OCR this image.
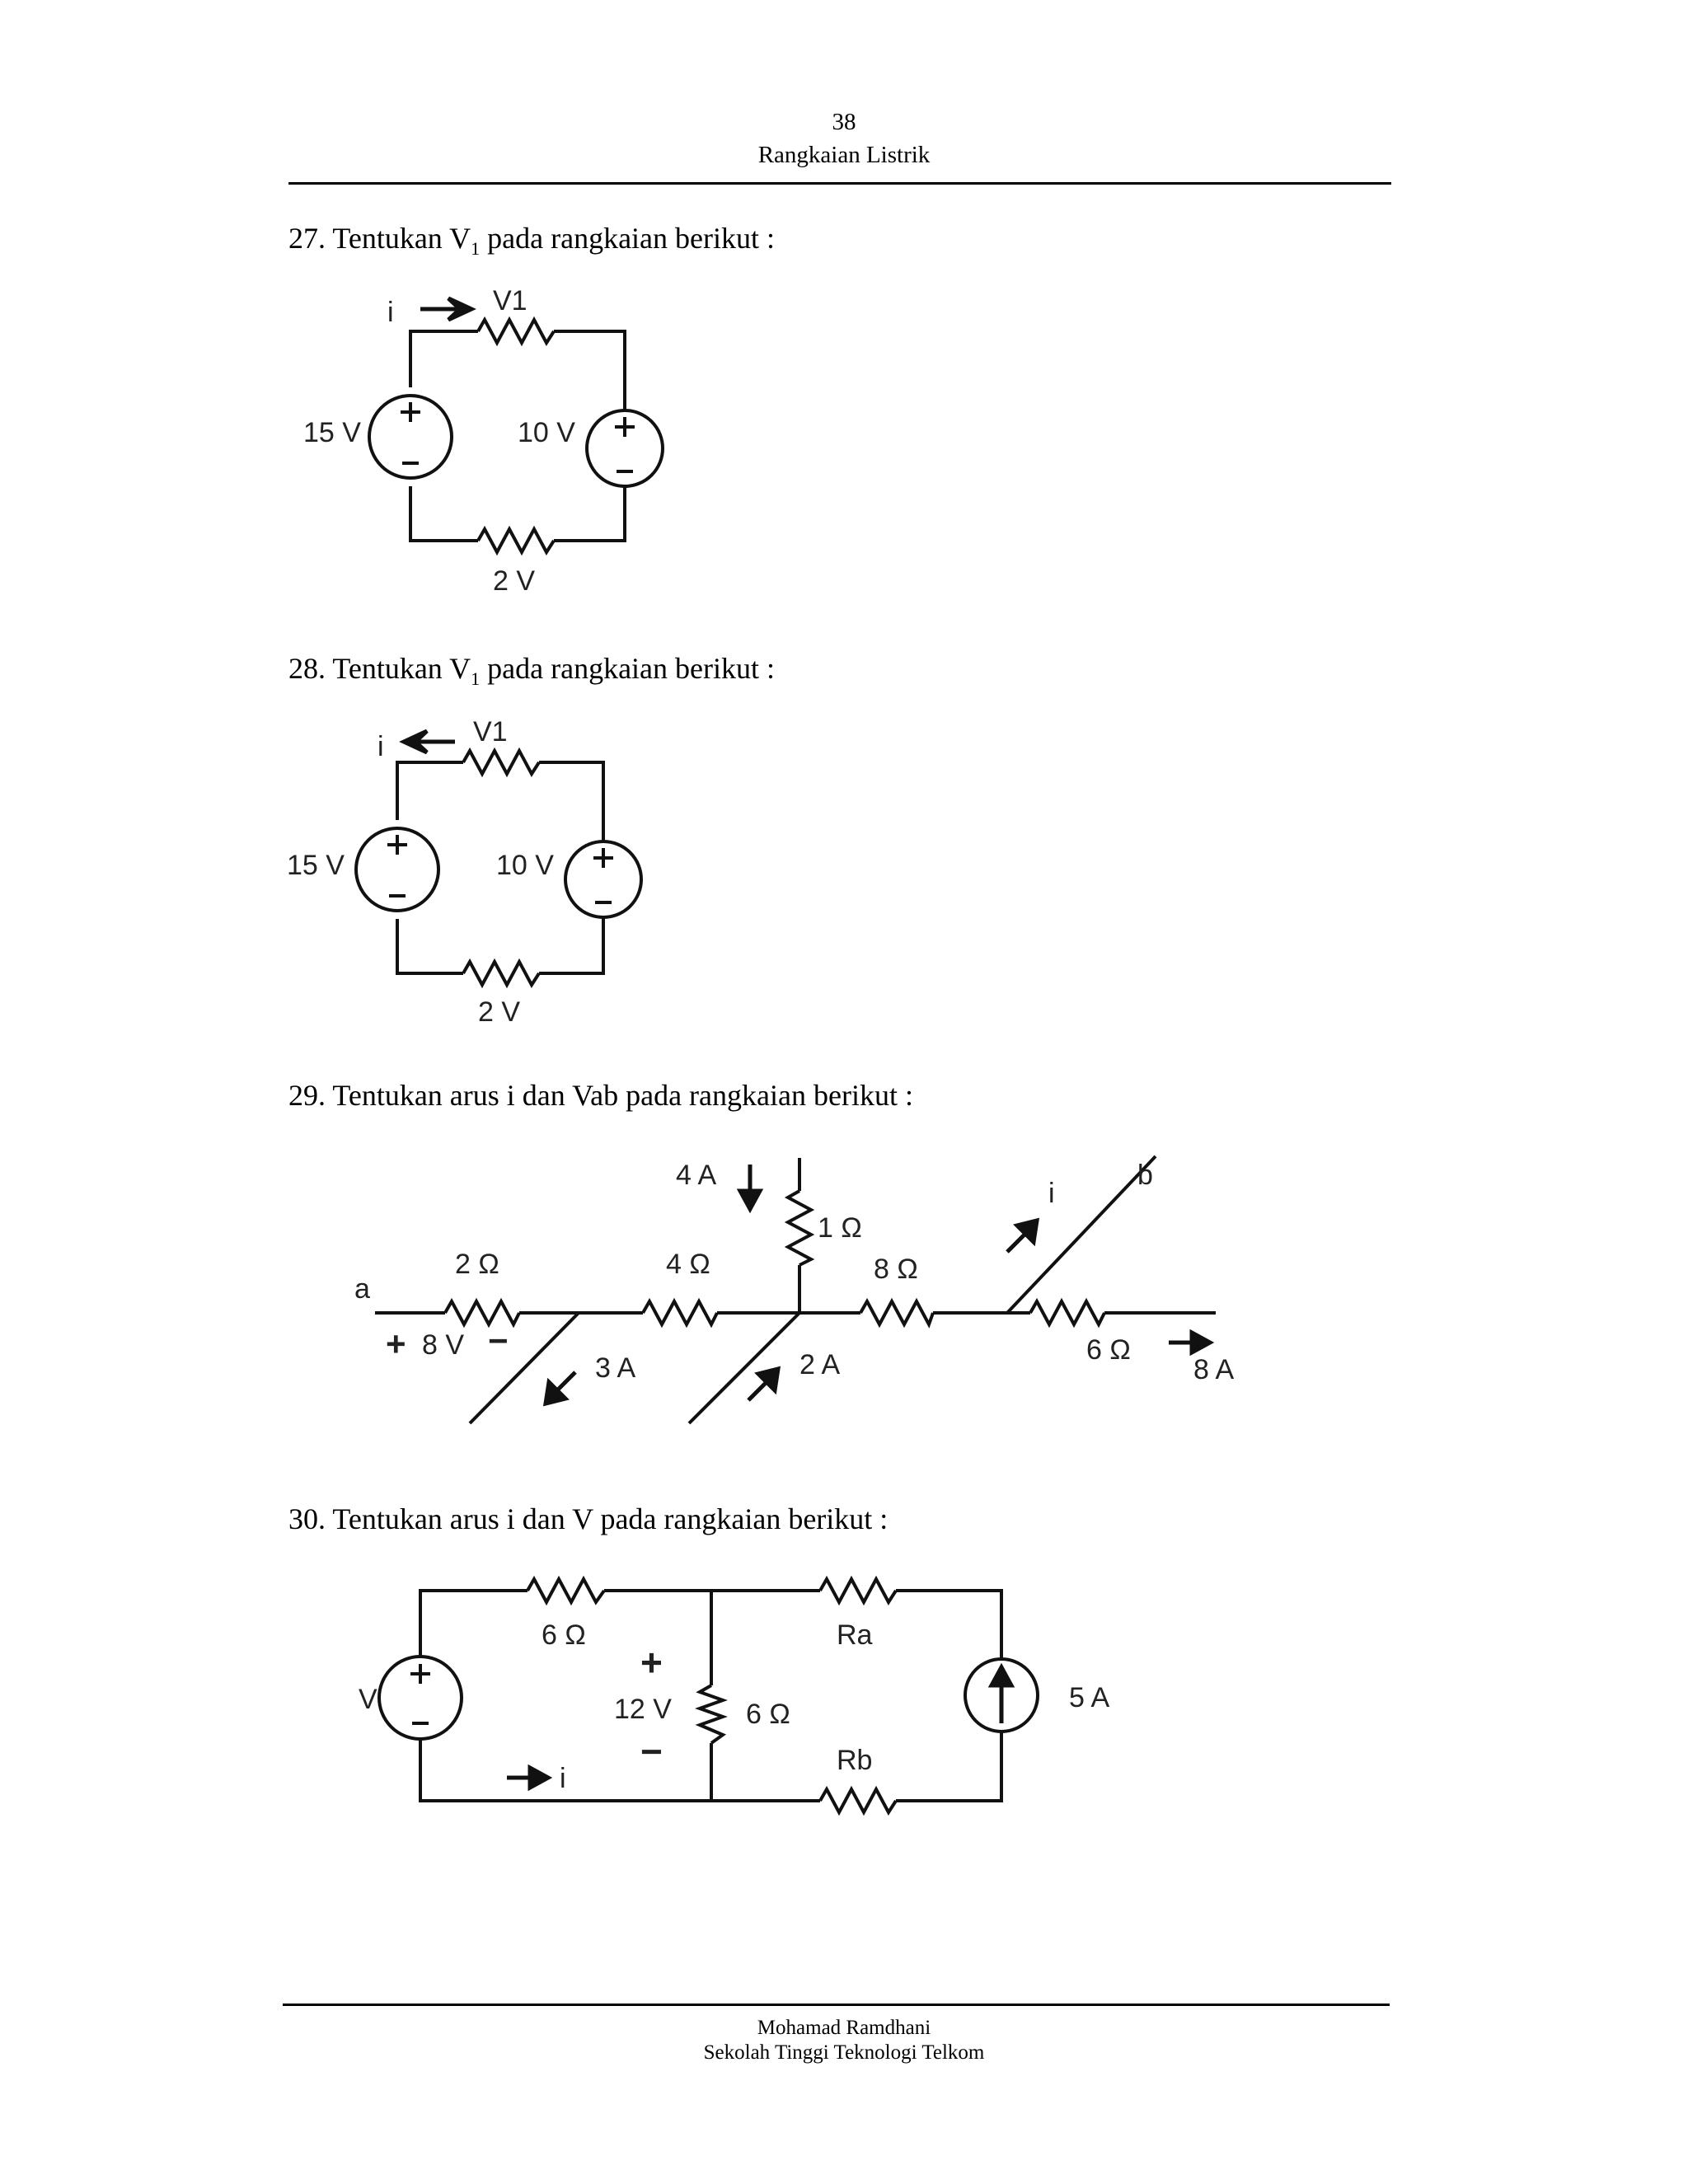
38
Rangkaian Listrik
27. Tentukan $V_1$ pada rangkaian berikut :
i	V1
15 V	10 V
2 V
28. Tentukan $V_1$ pada rangkaian berikut :
i	V1
15 V	10 V
2 V
29. Tentukan arus i dan Vab pada rangkaian berikut :
a
b
2 Ω	4 Ω
1 Ω
8 Ω
6 Ω
4 A
+ 8 V −
3 A	2 A
i
8 A
30. Tentukan arus i dan V pada rangkaian berikut :
V
6 Ω
6 Ω
+
12 V
−
Ra
Rb
5 A
i
Mohamad Ramdhani
Sekolah Tinggi Teknologi Telkom
